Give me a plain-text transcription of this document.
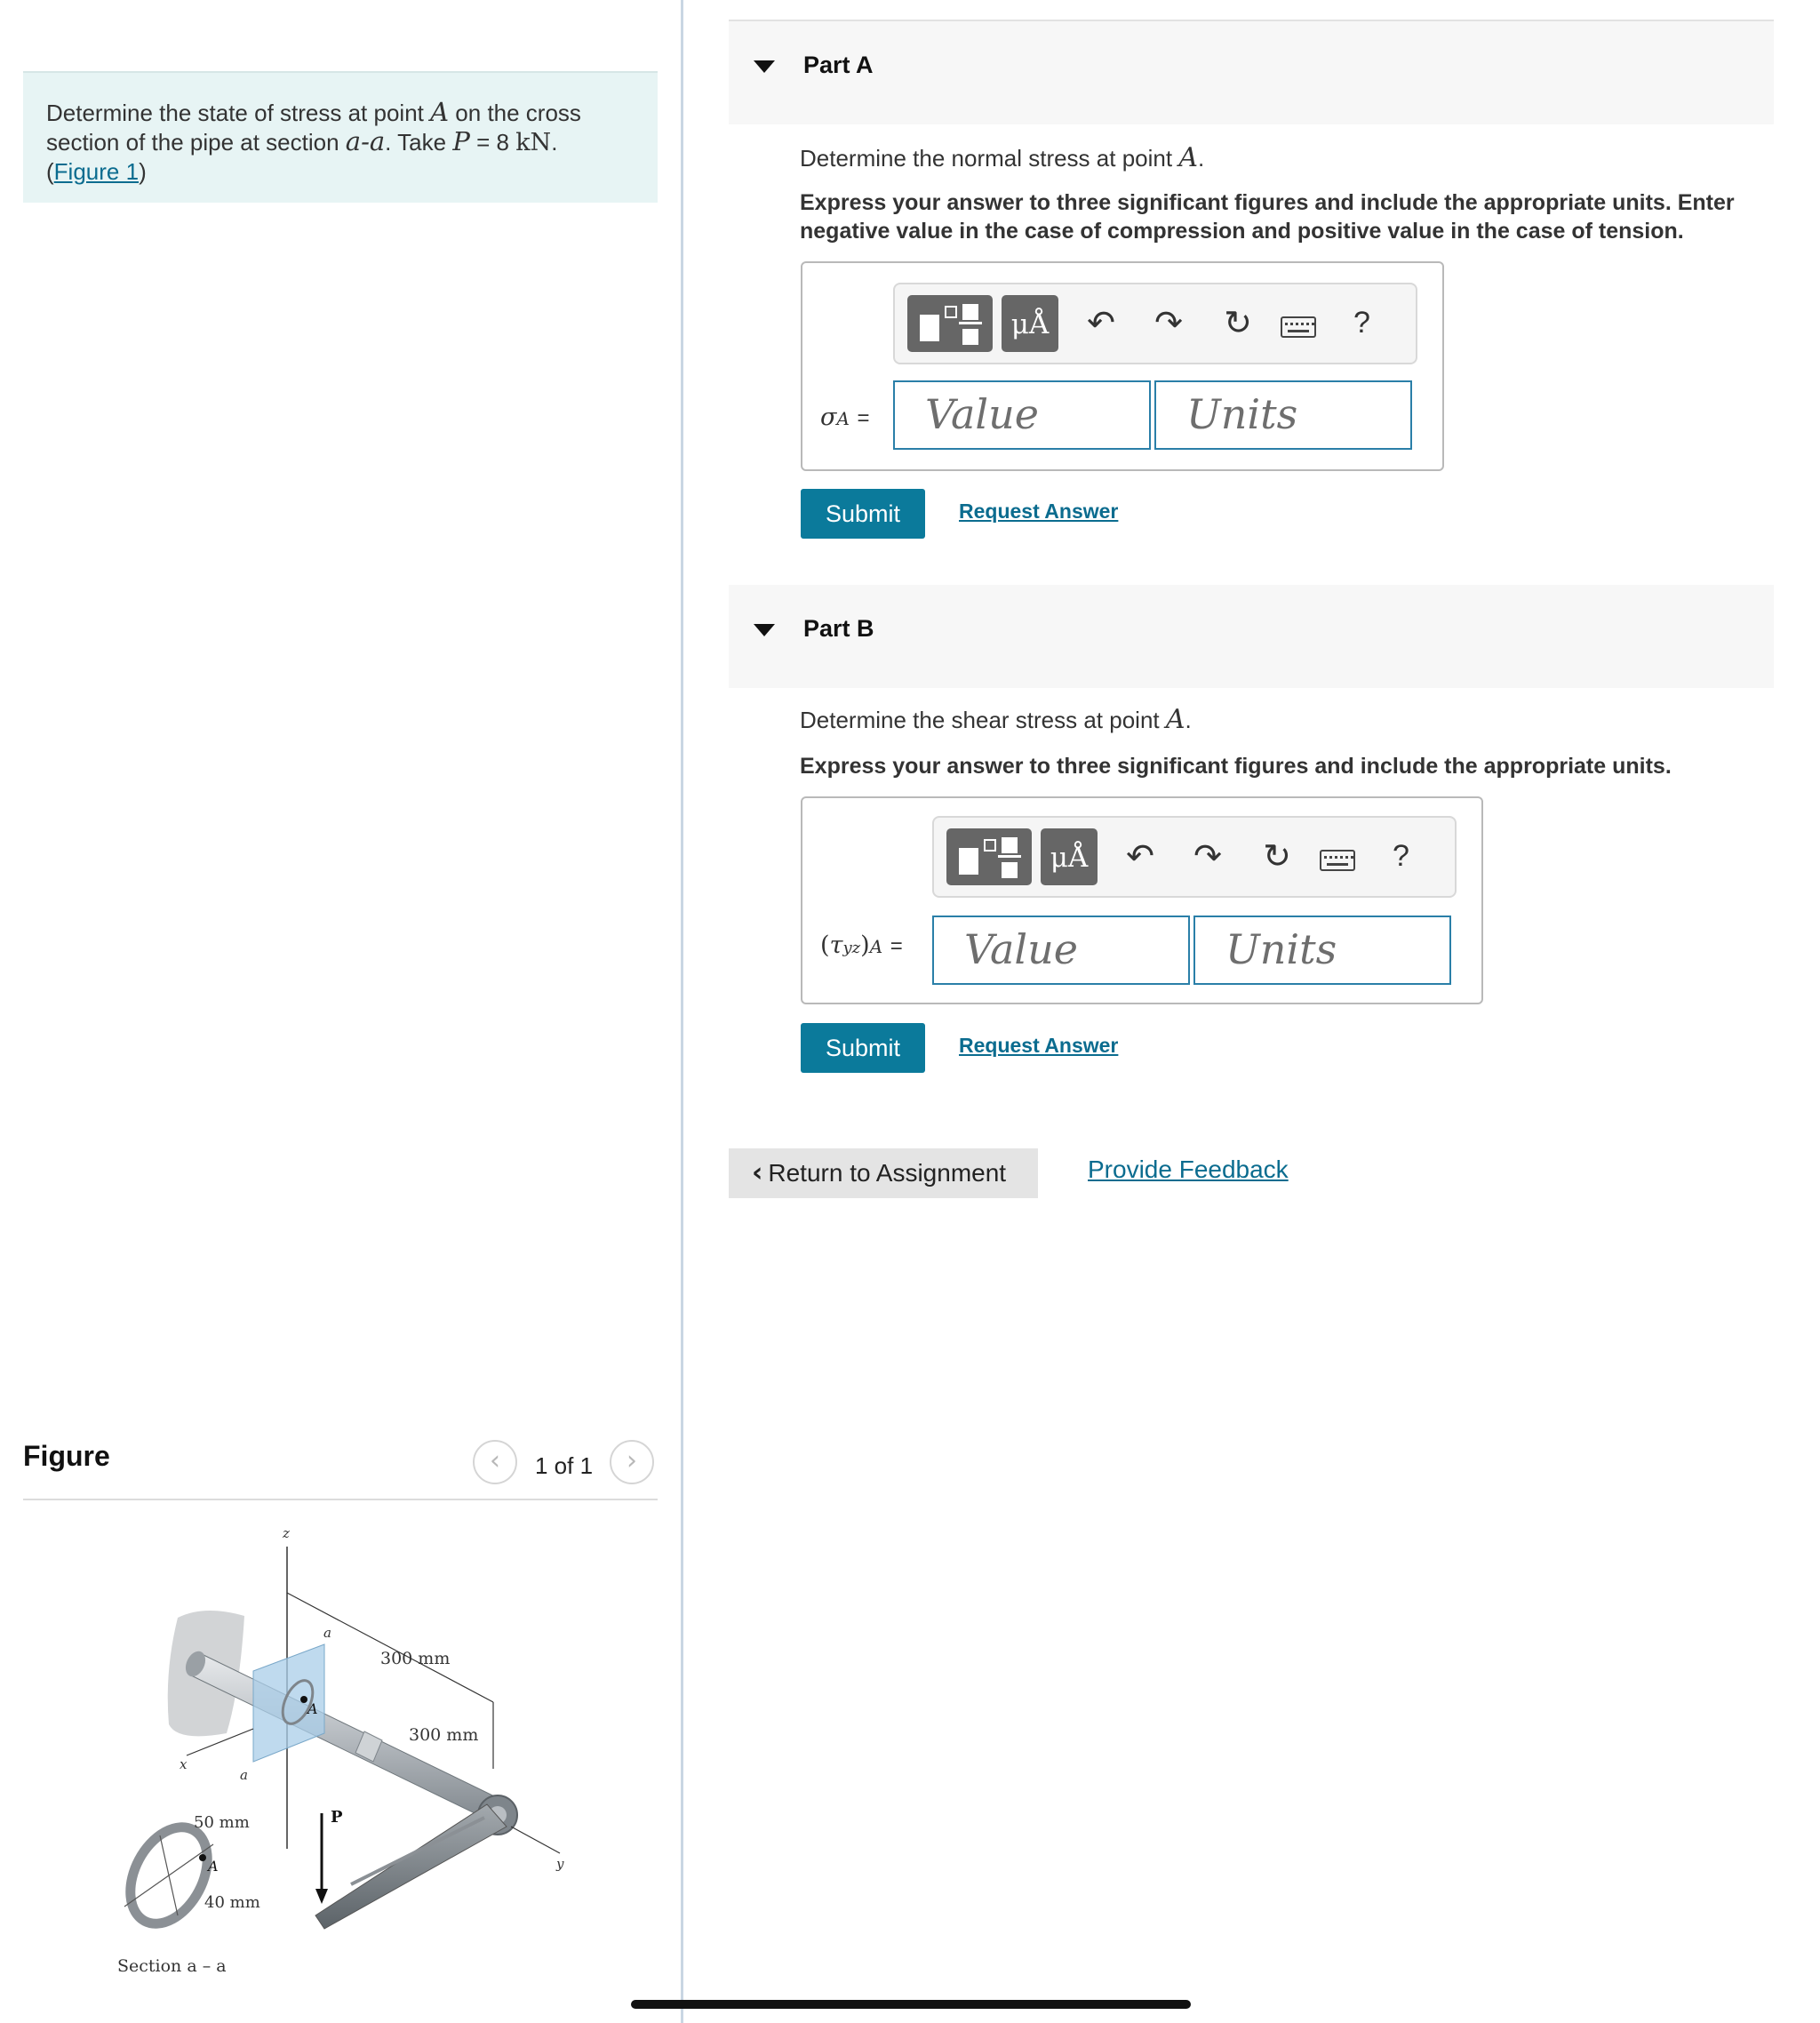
Determine the state of stress at point A on the cross section of the pipe at section a-a. Take P = 8 kN.
(Figure 1)
Figure	‹	1 of 1	›
z
300 mm
300 mm
a
a
A
x
y
P
A
50 mm
40 mm
Section a – a
Part A
Determine the normal stress at point A.
Express your answer to three significant figures and include the appropriate units. Enter negative value in the case of compression and positive value in the case of tension.
μÅ ↶ ↷ ↻	?
σA =	Value	Units
Submit	Request Answer
Part B
Determine the shear stress at point A.
Express your answer to three significant figures and include the appropriate units.
μÅ ↶ ↷ ↻	?
(τyz)A =	Value	Units
Submit	Request Answer
‹ Return to Assignment	Provide Feedback
